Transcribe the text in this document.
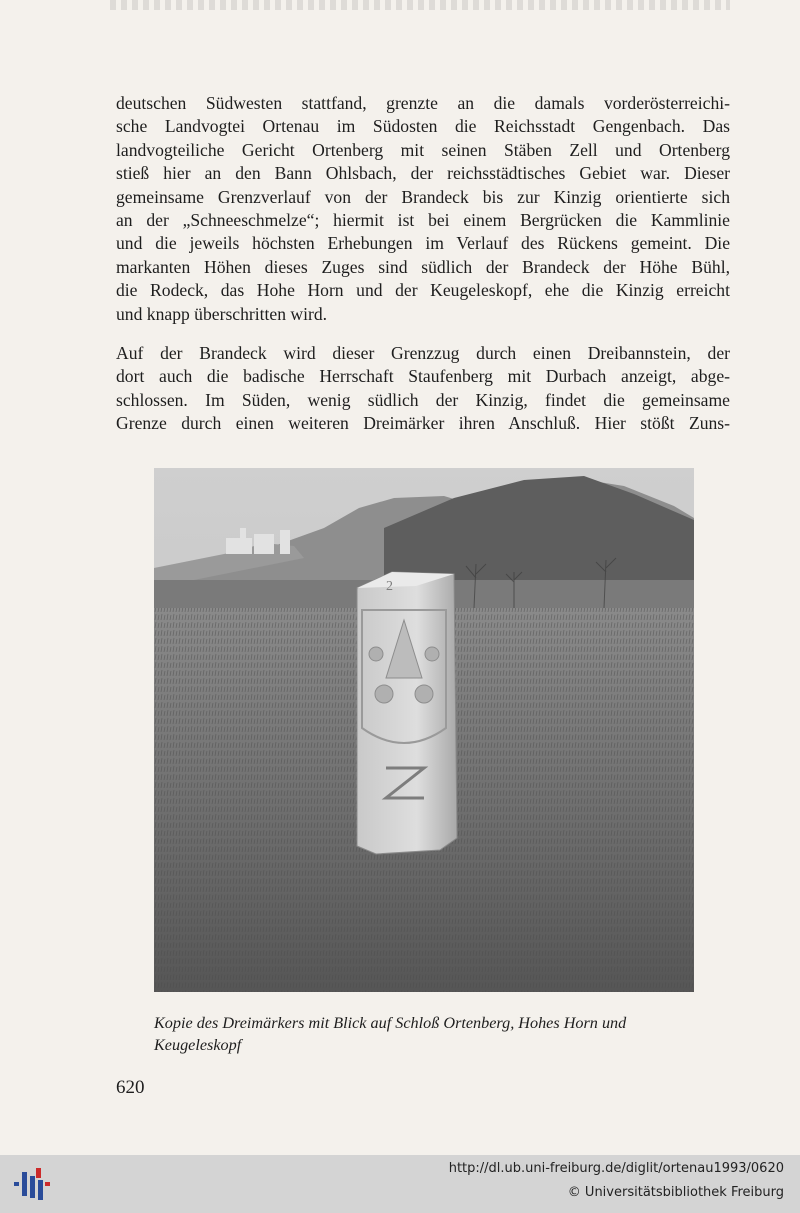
deutschen Südwesten stattfand, grenzte an die damals vorderösterreichi-
sche Landvogtei Ortenau im Südosten die Reichsstadt Gengenbach. Das
landvogteiliche Gericht Ortenberg mit seinen Stäben Zell und Ortenberg
stieß hier an den Bann Ohlsbach, der reichsstädtisches Gebiet war. Dieser
gemeinsame Grenzverlauf von der Brandeck bis zur Kinzig orientierte sich
an der „Schneeschmelze“; hiermit ist bei einem Bergrücken die Kammlinie
und die jeweils höchsten Erhebungen im Verlauf des Rückens gemeint. Die
markanten Höhen dieses Zuges sind südlich der Brandeck der Höhe Bühl,
die Rodeck, das Hohe Horn und der Keugeleskopf, ehe die Kinzig erreicht
und knapp überschritten wird.

Auf der Brandeck wird dieser Grenzzug durch einen Dreibannstein, der
dort auch die badische Herrschaft Staufenberg mit Durbach anzeigt, abge-
schlossen. Im Süden, wenig südlich der Kinzig, findet die gemeinsame
Grenze durch einen weiteren Dreimärker ihren Anschluß. Hier stößt Zuns-

2

Kopie des Dreimärkers mit Blick auf Schloß Ortenberg, Hohes Horn und
Keugeleskopf

620
http://dl.ub.uni-freiburg.de/diglit/ortenau1993/0620
© Universitätsbibliothek Freiburg
